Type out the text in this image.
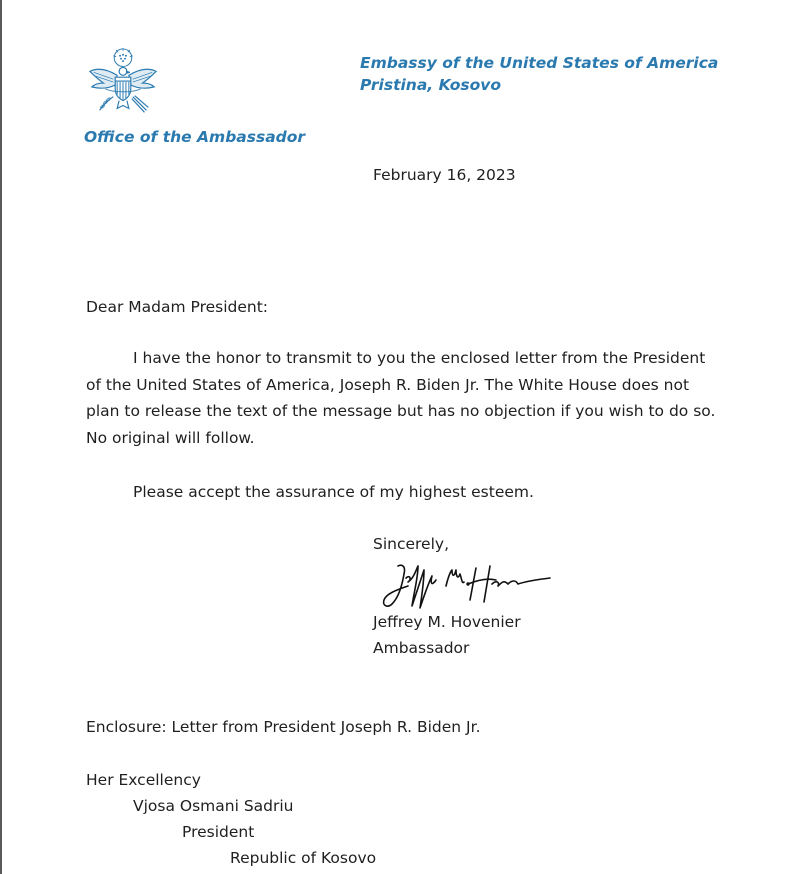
Embassy of the United States of America
Pristina, Kosovo
Office of the Ambassador
February 16, 2023
Dear Madam President:
I have the honor to transmit to you the enclosed letter from the President
of the United States of America, Joseph R. Biden Jr. The White House does not
plan to release the text of the message but has no objection if you wish to do so.
No original will follow.
Please accept the assurance of my highest esteem.
Sincerely,
Jeffrey M. Hovenier
Ambassador
Enclosure: Letter from President Joseph R. Biden Jr.
Her Excellency
Vjosa Osmani Sadriu
President
Republic of Kosovo
